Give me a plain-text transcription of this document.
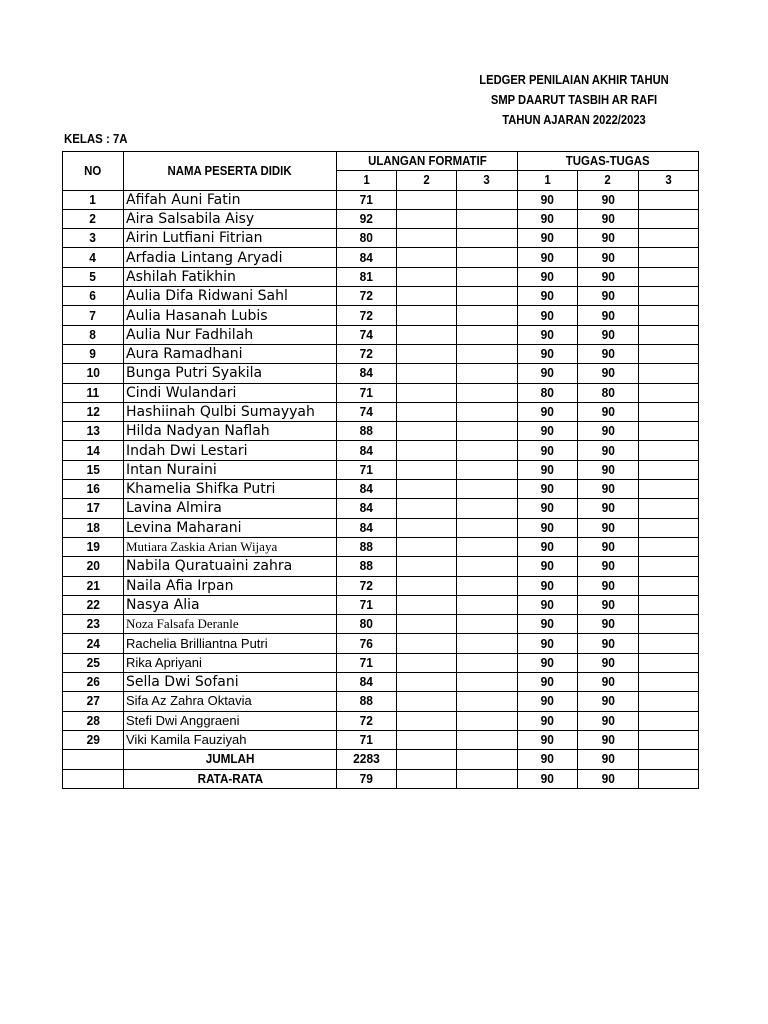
LEDGER PENILAIAN AKHIR TAHUN
SMP DAARUT TASBIH AR RAFI
TAHUN AJARAN 2022/2023
KELAS : 7A
NO	NAMA PESERTA DIDIK	ULANGAN FORMATIF			TUGAS-TUGAS		
		1	2	3	1	2	3
1	Afifah Auni Fatin	71			90	90	
2	Aira Salsabila Aisy	92			90	90	
3	Airin Lutfiani Fitrian	80			90	90	
4	Arfadia Lintang Aryadi	84			90	90	
5	Ashilah Fatikhin	81			90	90	
6	Aulia Difa Ridwani Sahl	72			90	90	
7	Aulia Hasanah Lubis	72			90	90	
8	Aulia Nur Fadhilah	74			90	90	
9	Aura Ramadhani	72			90	90	
10	Bunga Putri Syakila	84			90	90	
11	Cindi Wulandari	71			80	80	
12	Hashiinah Qulbi Sumayyah	74			90	90	
13	Hilda Nadyan Naflah	88			90	90	
14	Indah Dwi Lestari	84			90	90	
15	Intan Nuraini	71			90	90	
16	Khamelia Shifka Putri	84			90	90	
17	Lavina Almira	84			90	90	
18	Levina Maharani	84			90	90	
19	Mutiara Zaskia Arian Wijaya	88			90	90	
20	Nabila Quratuaini zahra	88			90	90	
21	Naila Afia Irpan	72			90	90	
22	Nasya Alia	71			90	90	
23	Noza Falsafa Deranle	80			90	90	
24	Rachelia Brilliantna Putri	76			90	90	
25	Rika Apriyani	71			90	90	
26	Sella Dwi Sofani	84			90	90	
27	Sifa Az Zahra Oktavia	88			90	90	
28	Stefi Dwi Anggraeni	72			90	90	
29	Viki Kamila Fauziyah	71			90	90	
	JUMLAH	2283			90	90	
	RATA-RATA	79			90	90	
